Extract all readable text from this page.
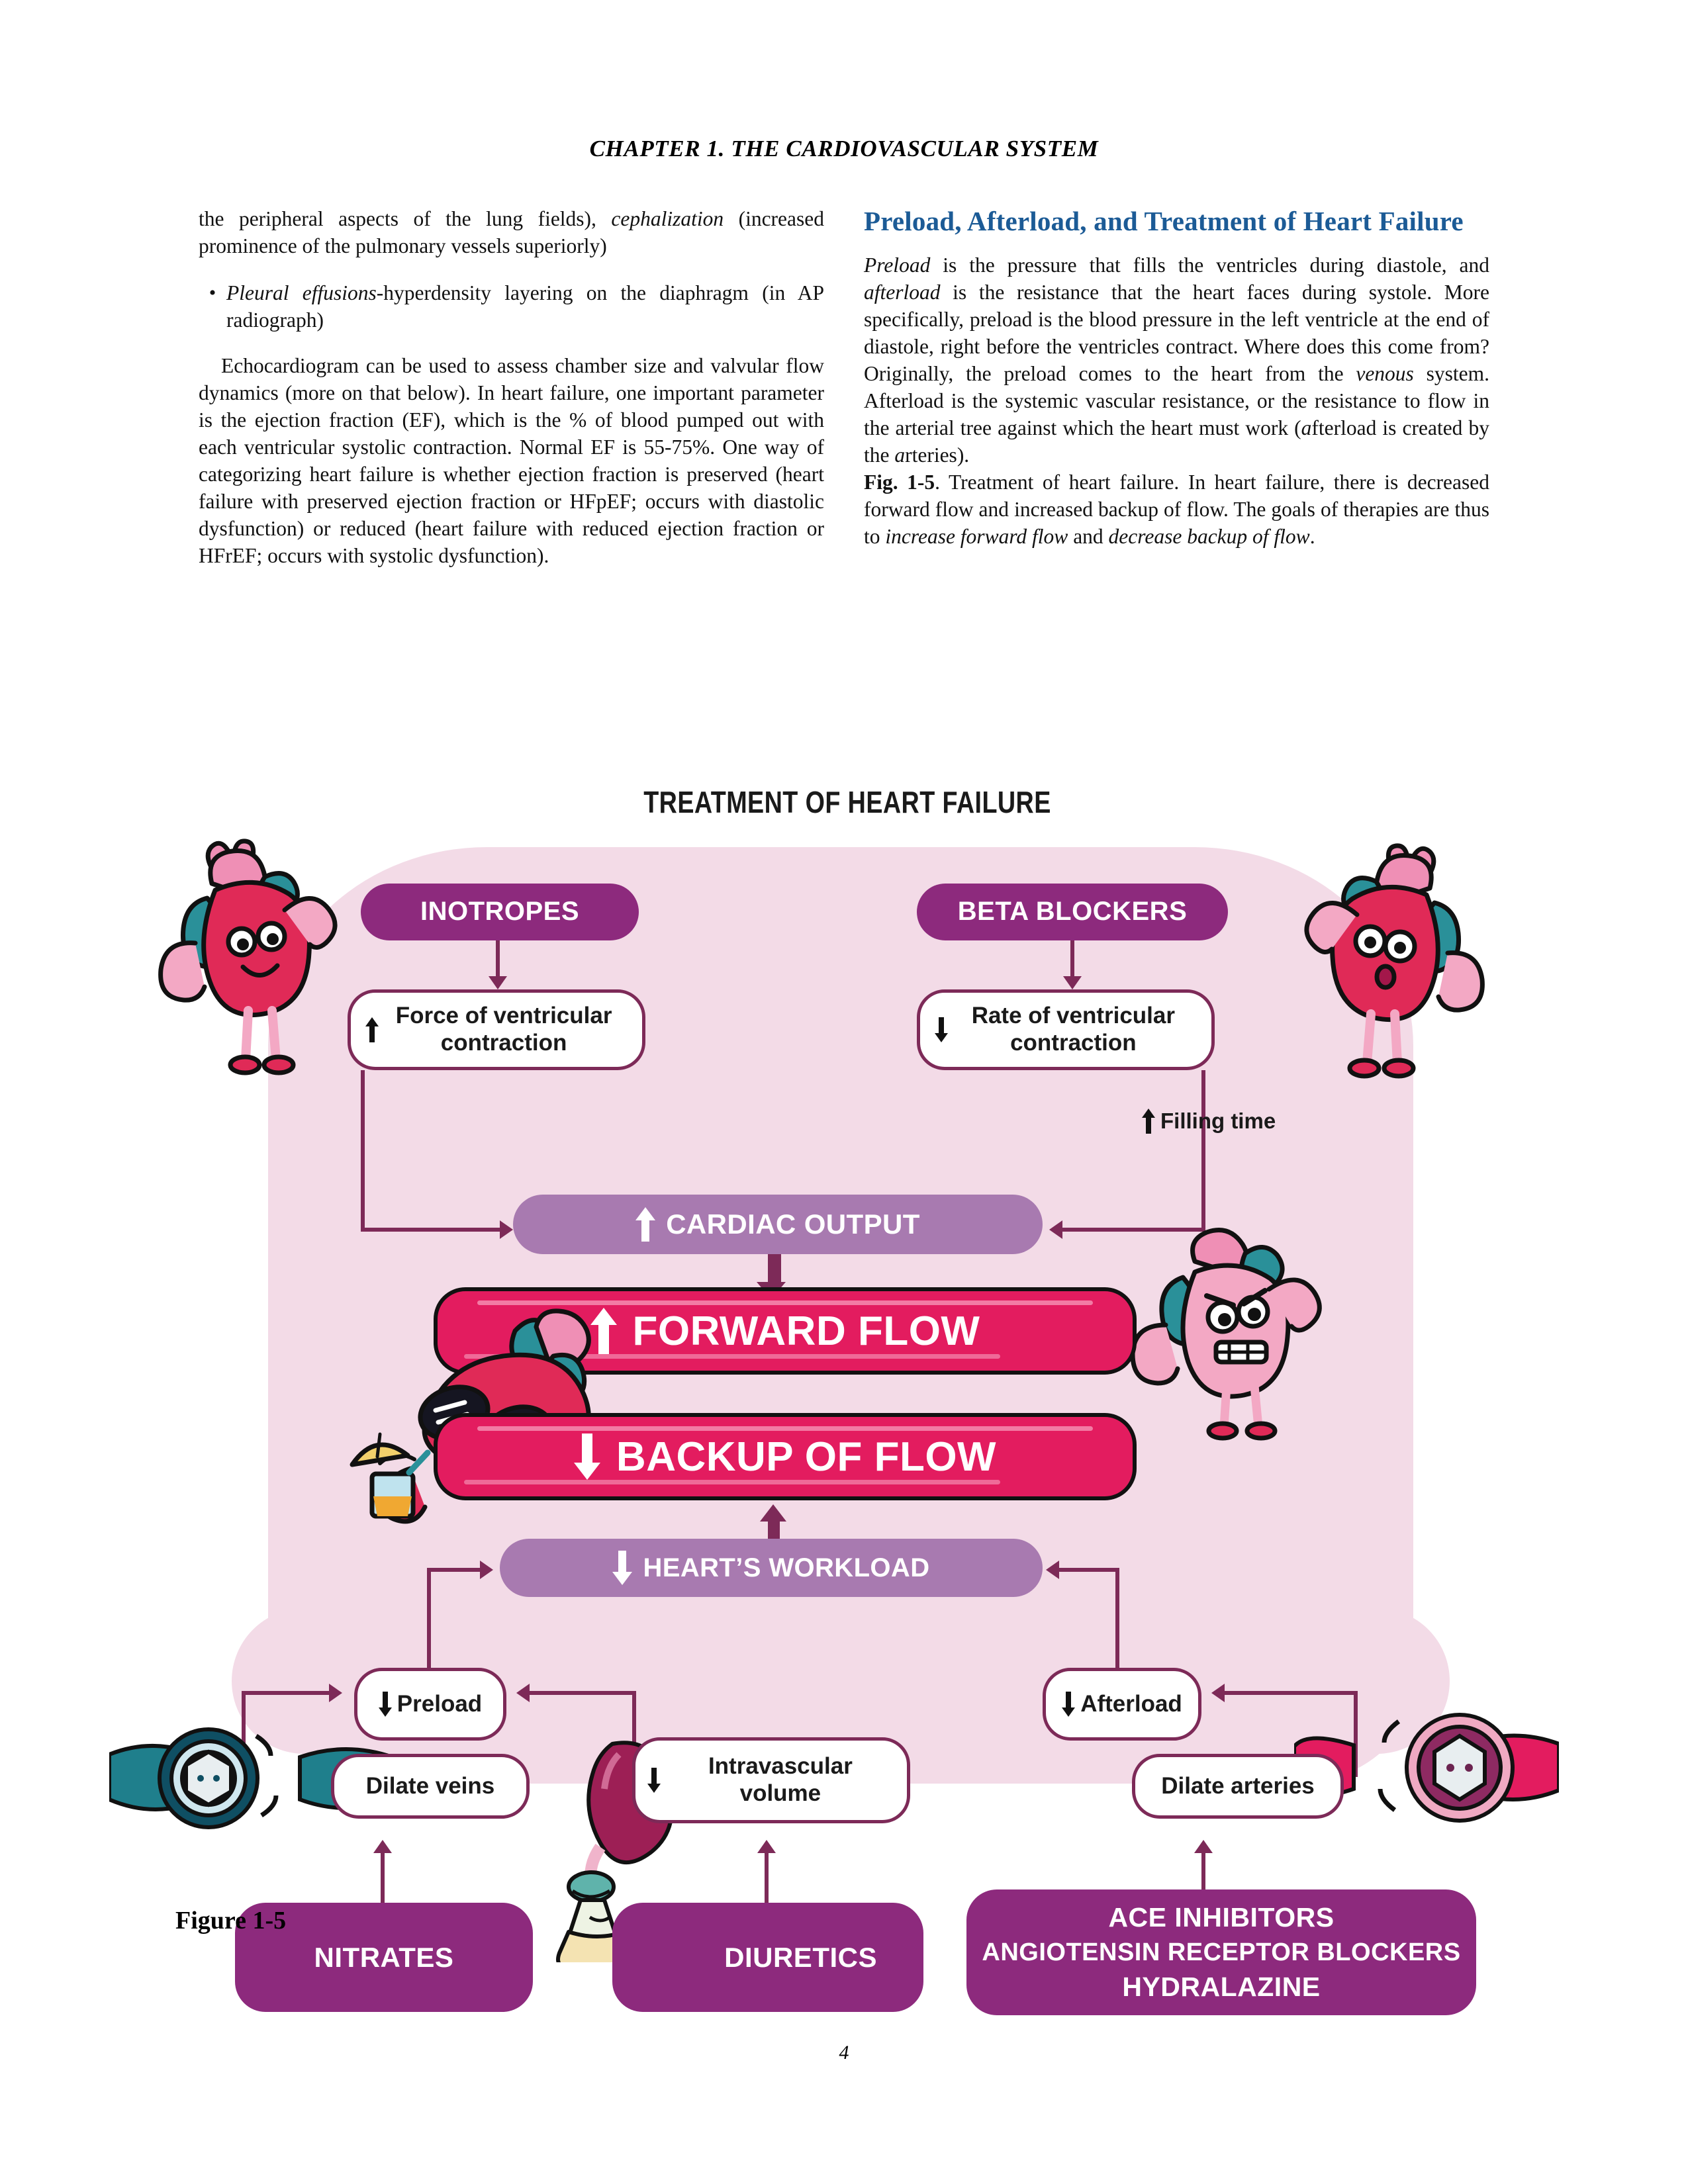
CHAPTER 1. THE CARDIOVASCULAR SYSTEM

the peripheral aspects of the lung fields), cephalization (increased prominence of the pulmonary vessels superiorly)

• Pleural effusions-hyperdensity layering on the diaphragm (in AP radiograph)

Echocardiogram can be used to assess chamber size and valvular flow dynamics (more on that below). In heart failure, one important parameter is the ejection fraction (EF), which is the % of blood pumped out with each ventricular systolic contraction. Normal EF is 55-75%. One way of categorizing heart failure is whether ejection fraction is preserved (heart failure with preserved ejection fraction or HFpEF; occurs with diastolic dysfunction) or reduced (heart failure with reduced ejection fraction or HFrEF; occurs with systolic dysfunction).

Preload, Afterload, and Treatment of Heart Failure

Preload is the pressure that fills the ventricles during diastole, and afterload is the resistance that the heart faces during systole. More specifically, preload is the blood pressure in the left ventricle at the end of diastole, right before the ventricles contract. Where does this come from? Originally, the preload comes to the heart from the venous system. Afterload is the systemic vascular resistance, or the resistance to flow in the arterial tree against which the heart must work (afterload is created by the arteries).

Fig. 1-5. Treatment of heart failure. In heart failure, there is decreased forward flow and increased backup of flow. The goals of therapies are thus to increase forward flow and decrease backup of flow.

TREATMENT OF HEART FAILURE
INOTROPES	BETA BLOCKERS
Force of ventricular contraction
Rate of ventricular contraction
Filling time
CARDIAC OUTPUT
FORWARD FLOW
BACKUP OF FLOW
HEART’S WORKLOAD
Preload	Afterload
Dilate veins
Intravascular volume	Dilate arteries
NITRATES	DIURETICS
ACE INHIBITORS
ANGIOTENSIN RECEPTOR BLOCKERS
HYDRALAZINE
Figure 1-5
4
